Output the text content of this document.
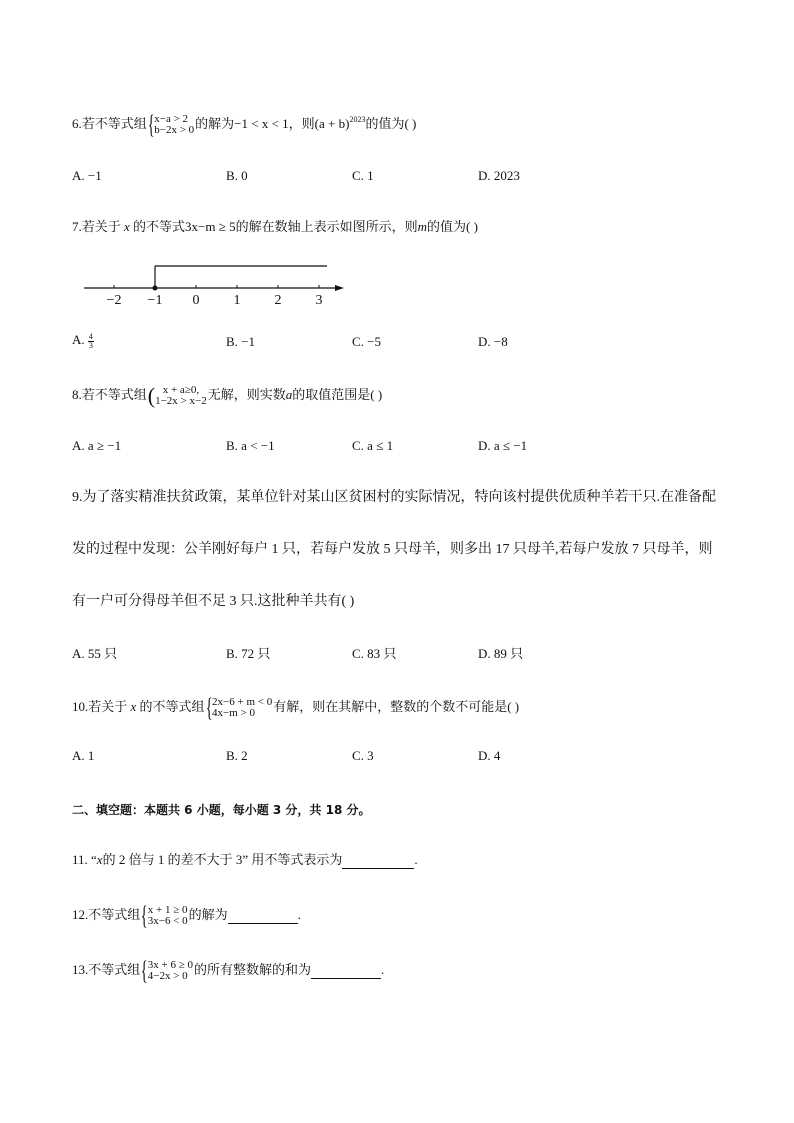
6.若不等式组{ x−a > 2
b−2x > 0 的解为−1 < x < 1，则$(a + b)^{2023}$的值为( )
A. −1	B. 0	C. 1	D. 2023
7.若关于 x 的不等式3x−m ≥ 5的解在数轴上表示如图所示，则m的值为( )
−2 −1 0 1 2 3
A. $\frac{4}{3}$	B. −1	C. −5	D. −8
8.若不等式组( x + a≥0,
1−2x > x−2 无解，则实数a的取值范围是( )
A. a ≥ −1	B. a < −1	C. a ≤ 1	D. a ≤ −1
9.为了落实精准扶贫政策，某单位针对某山区贫困村的实际情况，特向该村提供优质种羊若干只.在准备配
发的过程中发现：公羊刚好每户 1 只，若每户发放 5 只母羊，则多出 17 只母羊,若每户发放 7 只母羊，则
有一户可分得母羊但不足 3 只.这批种羊共有( )
A. 55 只	B. 72 只	C. 83 只	D. 89 只
10.若关于 x 的不等式组{ 2x−6 + m < 0
4x−m > 0	有解，则在其解中，整数的个数不可能是( )
A. 1	B. 2	C. 3	D. 4
二、填空题：本题共 6 小题，每小题 3 分，共 18 分。
11. “x的 2 倍与 1 的差不大于 3” 用不等式表示为	.
12.不等式组{ x + 1 ≥ 0
3x−6 < 0 的解为	.
13.不等式组{ 3x + 6 ≥ 0
4−2x > 0 的所有整数解的和为	.
